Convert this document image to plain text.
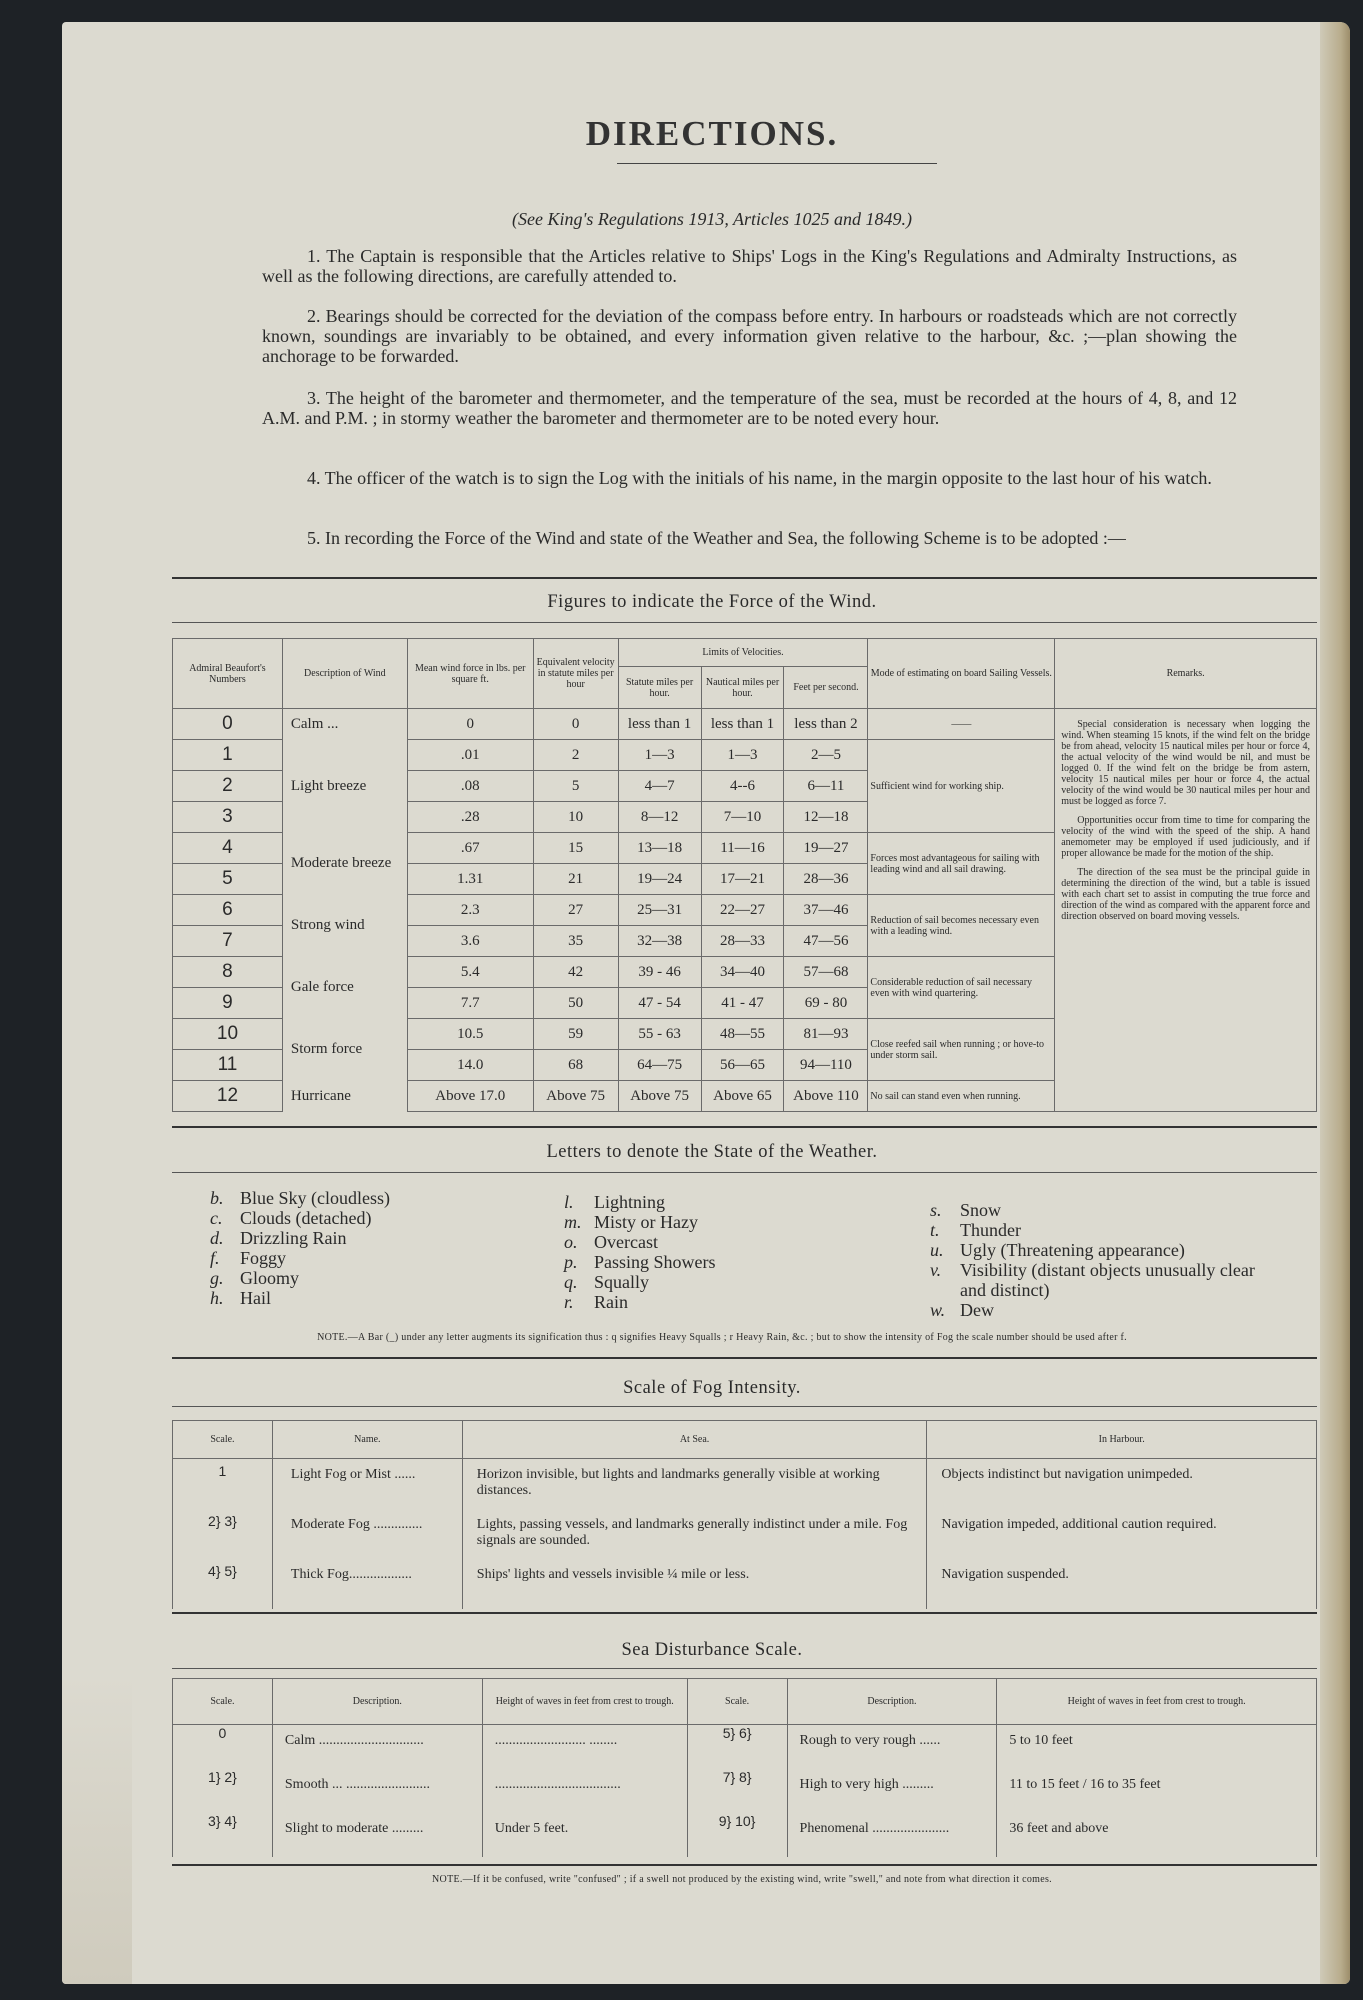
DIRECTIONS.
(See King's Regulations 1913, Articles 1025 and 1849.)
1. The Captain is responsible that the Articles relative to Ships' Logs in the King's Regulations and Admiralty Instructions, as well as the following directions, are carefully attended to.
2. Bearings should be corrected for the deviation of the compass before entry. In harbours or roadsteads which are not correctly known, soundings are invariably to be obtained, and every information given relative to the harbour, &c. ;—plan showing the anchorage to be forwarded.
3. The height of the barometer and thermometer, and the temperature of the sea, must be recorded at the hours of 4, 8, and 12 A.M. and P.M. ; in stormy weather the barometer and thermometer are to be noted every hour.
4. The officer of the watch is to sign the Log with the initials of his name, in the margin opposite to the last hour of his watch.
5. In recording the Force of the Wind and state of the Weather and Sea, the following Scheme is to be adopted :—
Figures to indicate the Force of the Wind.
Admiral Beaufort's Numbers	Description of Wind	Mean wind force in lbs. per square ft.	Equivalent velocity in statute miles per hour	Limits of Velocities.			Mode of estimating on board Sailing Vessels.	Remarks.
				Statute miles per hour.	Nautical miles per hour.	Feet per second.		
0	Calm ...	0	0	less than 1	less than 1	less than 2	——	Special consideration is necessary when logging the wind. When steaming 15 knots, if the wind felt on the bridge be from ahead, velocity 15 nautical miles per hour or force 4, the actual velocity of the wind would be nil, and must be logged 0. If the wind felt on the bridge be from astern, velocity 15 nautical miles per hour or force 4, the actual velocity of the wind would be 30 nautical miles per hour and must be logged as force 7.
Opportunities occur from time to time for comparing the velocity of the wind with the speed of the ship. A hand anemometer may be employed if used judiciously, and if proper allowance be made for the motion of the ship.
The direction of the sea must be the principal guide in determining the direction of the wind, but a table is issued with each chart set to assist in computing the true force and direction of the wind as compared with the apparent force and direction observed on board moving vessels.

1	Light breeze	.01	2	1—3	1—3	2—5	Sufficient wind for working ship.	
2		.08	5	4—7	4--6	6—11		
3		.28	10	8—12	7—10	12—18		
4	Moderate breeze	.67	15	13—18	11—16	19—27	Forces most advantageous for sailing with leading wind and all sail drawing.	
5		1.31	21	19—24	17—21	28—36		
6	Strong wind	2.3	27	25—31	22—27	37—46	Reduction of sail becomes necessary even with a leading wind.	
7		3.6	35	32—38	28—33	47—56		
8	Gale force	5.4	42	39 - 46	34—40	57—68	Considerable reduction of sail necessary even with wind quartering.	
9		7.7	50	47 - 54	41 - 47	69 - 80		
10	Storm force	10.5	59	55 - 63	48—55	81—93	Close reefed sail when running ; or hove-to under storm sail.	
11		14.0	68	64—75	56—65	94—110		
12	Hurricane	Above 17.0	Above 75	Above 75	Above 65	Above 110	No sail can stand even when running.	
Letters to denote the State of the Weather.
b. Blue Sky (cloudless)
c. Clouds (detached)
d. Drizzling Rain
f.	Foggy
g. Gloomy
h. Hail
l.	Lightning
m. Misty or Hazy
o. Overcast
p. Passing Showers
q. Squally
r.	Rain
s.	Snow
t.	Thunder
u. Ugly (Threatening appearance)
v.	Visibility (distant objects unusually clear and distinct)
w. Dew
NOTE.—A Bar (_) under any letter augments its signification thus : q signifies Heavy Squalls ; r Heavy Rain, &c. ; but to show the intensity of Fog the scale number should be used after f.
Scale of Fog Intensity.
Scale.	Name.	At Sea.	In Harbour.
1	Light Fog or Mist ......	Horizon invisible, but lights and landmarks generally visible at working distances.	Objects indistinct but navigation unimpeded.
2} 3}	Moderate Fog ..............	Lights, passing vessels, and landmarks generally indistinct under a mile. Fog signals are sounded.	Navigation impeded, additional caution required.
4} 5}	Thick Fog..................	Ships' lights and vessels invisible ¼ mile or less.	Navigation suspended.
Sea Disturbance Scale.
Scale.	Description.	Height of waves in feet from crest to trough.	Scale.	Description.	Height of waves in feet from crest to trough.
0	Calm ..............................	.......................... ........	5} 6}	Rough to very rough ......	5 to 10 feet
1} 2}	Smooth ... ........................	....................................	7} 8}	High to very high .........	11 to 15 feet / 16 to 35 feet
3} 4}	Slight to moderate .........	Under 5 feet.	9} 10}	Phenomenal ......................	36 feet and above
NOTE.—If it be confused, write "confused" ; if a swell not produced by the existing wind, write "swell," and note from what direction it comes.
